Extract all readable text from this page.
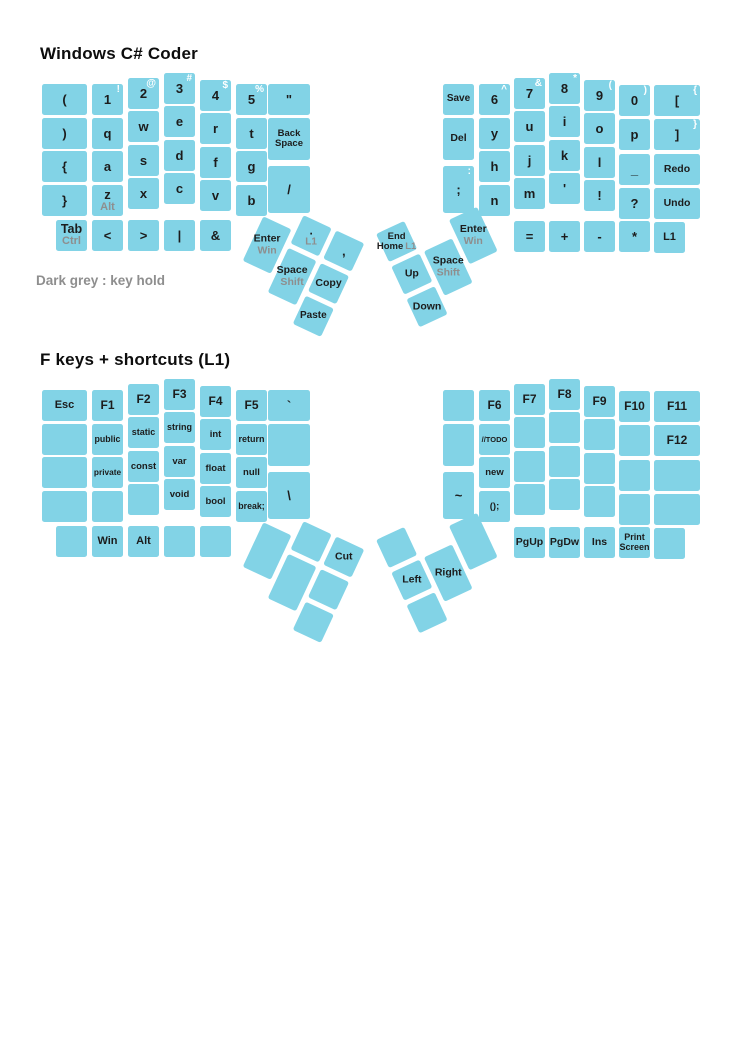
Windows C# Coder
Dark grey : key hold
F keys + shortcuts (L1)
(
)
{
}
Tab
Ctrl
1
!
q
a
z
Alt
<
2
@
w
s
x
>
3
#
e
d
c
|
4
$
r
f
v
&
5
%
t
g
b
"
Back Space
/
Save
Del
;
:
6
^
y
h
n
7
&
u
j
m
=
8
*
i
k
'
+
9
(
o
l
!
-
0
)
p
_
?
*
[
{
]
}
Redo
Undo
L1
Enter
Win
.
L1
Space
Shift
,
Copy
Paste
End
Home L1
Up
Down
Space
Shift
Enter
Win
Esc F1
public
private
Win
F2
static
const
Alt
F3
string
var
void
F4
int
float
bool
F5
return
null
break;
`
\	~
F6
//TODO
new
();
F7
PgUp
F8
PgDw
F9
Ins
F10
Print Screen
F11
F12
Cut
Left
Right
